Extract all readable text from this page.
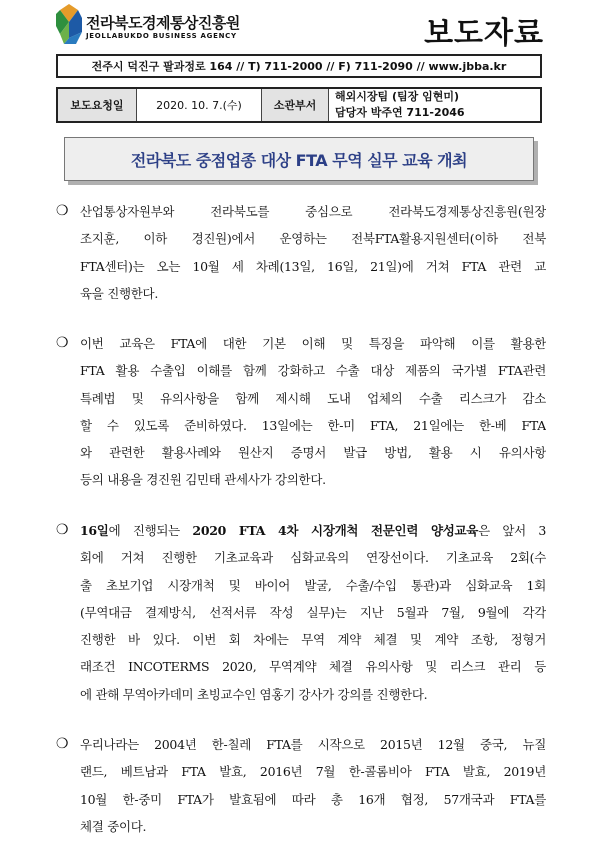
전라북도경제통상진흥원
JEOLLABUKDO BUSINESS AGENCY	보도자료
전주시 덕진구 팔과정로 164 // T) 711-2000 // F) 711-2090 // www.jbba.kr
보도요청일	2020. 10. 7.(수)	소관부서
해외시장팀 (팀장 임현미)
담당자 박주연 711-2046
전라북도 중점업종 대상 FTA 무역 실무 교육 개최
❍ 산업통상자원부와 전라북도를 중심으로 전라북도경제통상진흥원(원장
조지훈, 이하 경진원)에서 운영하는 전북FTA활용지원센터(이하 전북
FTA센터)는 오는 10월 세 차례(13일, 16일, 21일)에 거쳐 FTA 관련 교
육을 진행한다.
❍ 이번 교육은 FTA에 대한 기본 이해 및 특징을 파악해 이를 활용한
FTA 활용 수출입 이해를 함께 강화하고 수출 대상 제품의 국가별 FTA관련
특례법 및 유의사항을 함께 제시해 도내 업체의 수출 리스크가 감소
할 수 있도록 준비하였다. 13일에는 한-미 FTA, 21일에는 한-베 FTA
와 관련한 활용사례와 원산지 증명서 발급 방법, 활용 시 유의사항
등의 내용을 경진원 김민태 관세사가 강의한다.
❍ 16일에 진행되는 2020 FTA 4차 시장개척 전문인력 양성교육은 앞서 3
회에 거쳐 진행한 기초교육과 심화교육의 연장선이다. 기초교육 2회(수
출 초보기업 시장개척 및 바이어 발굴, 수출/수입 통관)과 심화교육 1회
(무역대금 결제방식, 선적서류 작성 실무)는 지난 5월과 7월, 9월에 각각
진행한 바 있다. 이번 회 차에는 무역 계약 체결 및 계약 조항, 정형거
래조건 INCOTERMS 2020, 무역계약 체결 유의사항 및 리스크 관리 등
에 관해 무역아카데미 초빙교수인 염홍기 강사가 강의를 진행한다.
❍ 우리나라는 2004년 한-칠레 FTA를 시작으로 2015년 12월 중국, 뉴질
랜드, 베트남과 FTA 발효, 2016년 7월 한-콜롬비아 FTA 발효, 2019년
10월 한-중미 FTA가 발효됨에 따라 총 16개 협정, 57개국과 FTA를
체결 중이다.
